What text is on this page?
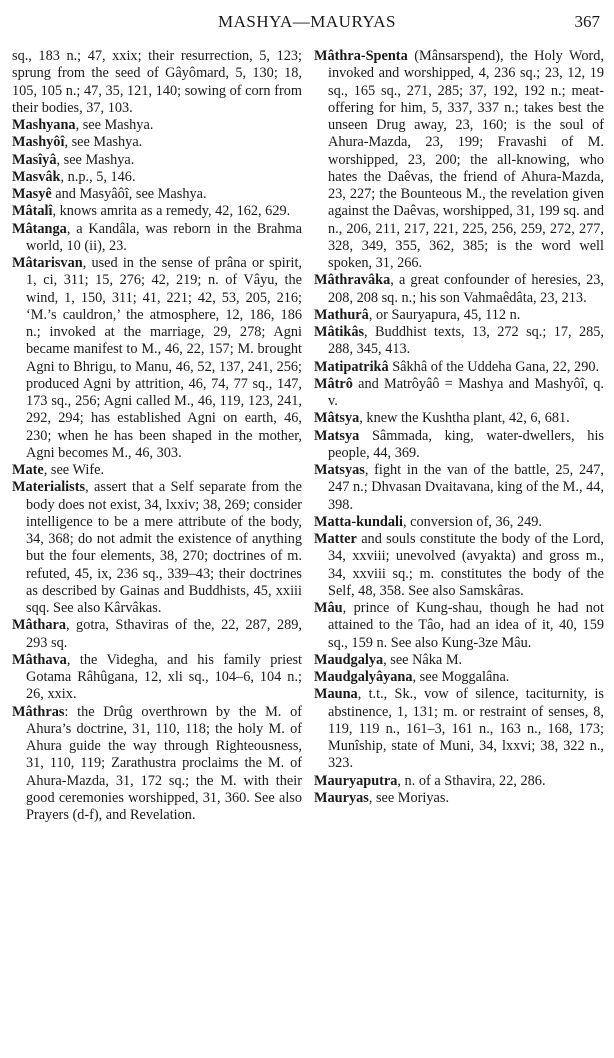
MASHYA—MAURYAS	367

sq., 183 n.; 47, xxix; their resurrection, 5, 123; sprung from the seed of Gâyômard, 5, 130; 18, 105, 105 n.; 47, 35, 121, 140; sowing of corn from their bodies, 37, 103.

Mashyana, see Mashya.

Mashyôî, see Mashya.

Masîyâ, see Mashya.

Masvâk, n.p., 5, 146.

Masyê and Masyâôî, see Mashya.

Mâtalî, knows amrita as a remedy, 42, 162, 629.

Mâtanga, a Kandâla, was reborn in the Brahma world, 10 (ii), 23.

Mâtarisvan, used in the sense of prâna or spirit, 1, ci, 311; 15, 276; 42, 219; n. of Vâyu, the wind, 1, 150, 311; 41, 221; 42, 53, 205, 216; ‘M.’s cauldron,’ the atmosphere, 12, 186, 186 n.; invoked at the marriage, 29, 278; Agni became manifest to M., 46, 22, 157; M. brought Agni to Bhrigu, to Manu, 46, 52, 137, 241, 256; produced Agni by attrition, 46, 74, 77 sq., 147, 173 sq., 256; Agni called M., 46, 119, 123, 241, 292, 294; has established Agni on earth, 46, 230; when he has been shaped in the mother, Agni becomes M., 46, 303.

Mate, see Wife.

Materialists, assert that a Self separate from the body does not exist, 34, lxxiv; 38, 269; consider intelligence to be a mere attribute of the body, 34, 368; do not admit the existence of anything but the four elements, 38, 270; doctrines of m. refuted, 45, ix, 236 sq., 339–43; their doctrines as described by Gainas and Buddhists, 45, xxiii sqq. See also Kârvâkas.

Mâthara, gotra, Sthaviras of the, 22, 287, 289, 293 sq.

Mâthava, the Videgha, and his family priest Gotama Râhûgana, 12, xli sq., 104–6, 104 n.; 26, xxix.

Mâthras: the Drûg overthrown by the M. of Ahura’s doctrine, 31, 110, 118; the holy M. of Ahura guide the way through Righteousness, 31, 110, 119; Zarathustra proclaims the M. of Ahura-Mazda, 31, 172 sq.; the M. with their good ceremonies worshipped, 31, 360. See also Prayers (d-f), and Revelation.

Mâthra-Spenta (Mânsarspend), the Holy Word, invoked and worshipped, 4, 236 sq.; 23, 12, 19 sq., 165 sq., 271, 285; 37, 192, 192 n.; meat-offering for him, 5, 337, 337 n.; takes best the unseen Drug away, 23, 160; is the soul of Ahura-Mazda, 23, 199; Fravashi of M. worshipped, 23, 200; the all-knowing, who hates the Daêvas, the friend of Ahura-Mazda, 23, 227; the Bounteous M., the revelation given against the Daêvas, worshipped, 31, 199 sq. and n., 206, 211, 217, 221, 225, 256, 259, 272, 277, 328, 349, 355, 362, 385; is the word well spoken, 31, 266.

Mâthravâka, a great confounder of heresies, 23, 208, 208 sq. n.; his son Vahmaêdâta, 23, 213.

Mathurâ, or Sauryapura, 45, 112 n.

Mâtikâs, Buddhist texts, 13, 272 sq.; 17, 285, 288, 345, 413.

Matipatrikâ Sâkhâ of the Uddeha Gana, 22, 290.

Mâtrô and Matrôyâô = Mashya and Mashyôî, q. v.

Mâtsya, knew the Kushtha plant, 42, 6, 681.

Matsya Sâmmada, king, water-dwellers, his people, 44, 369.

Matsyas, fight in the van of the battle, 25, 247, 247 n.; Dhvasan Dvaitavana, king of the M., 44, 398.

Matta-kundali, conversion of, 36, 249.

Matter and souls constitute the body of the Lord, 34, xxviii; unevolved (avyakta) and gross m., 34, xxviii sq.; m. constitutes the body of the Self, 48, 358. See also Samskâras.

Mâu, prince of Kung-shau, though he had not attained to the Tâo, had an idea of it, 40, 159 sq., 159 n. See also Kung-3ze Mâu.

Maudgalya, see Nâka M.

Maudgalyâyana, see Moggalâna.

Mauna, t.t., Sk., vow of silence, taciturnity, is abstinence, 1, 131; m. or restraint of senses, 8, 119, 119 n., 161–3, 161 n., 163 n., 168, 173; Munîship, state of Muni, 34, lxxvi; 38, 322 n., 323.

Mauryaputra, n. of a Sthavira, 22, 286.

Mauryas, see Moriyas.
